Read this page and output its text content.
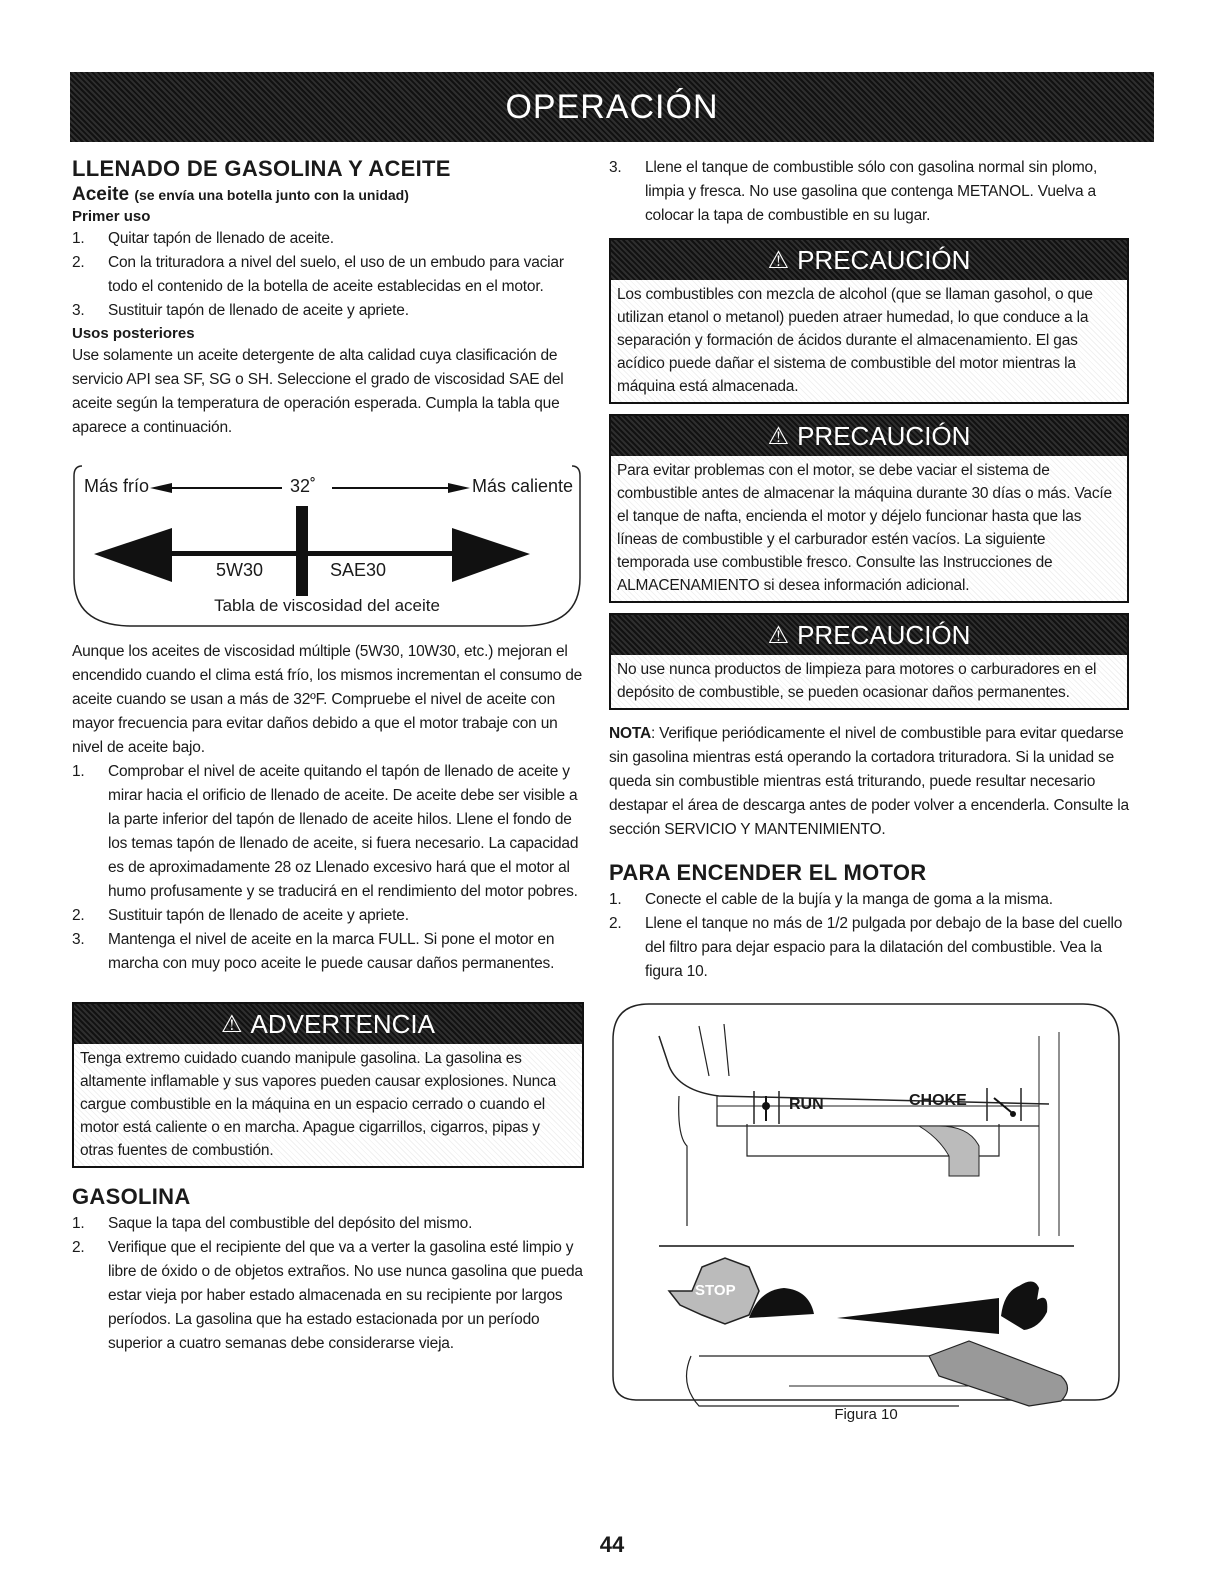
OPERACIÓN
LLENADO DE GASOLINA Y ACEITE
Aceite (se envía una botella junto con la unidad)
Primer uso
1. Quitar tapón de llenado de aceite.
2. Con la trituradora a nivel del suelo, el uso de un embudo para vaciar todo el contenido de la botella de aceite establecidas en el motor.
3. Sustituir tapón de llenado de aceite y apriete.
Usos posteriores

Use solamente un aceite detergente de alta calidad cuya clasificación de servicio API sea SF, SG o SH. Seleccione el grado de viscosidad SAE del aceite según la temperatura de operación esperada. Cumpla la tabla que aparece a continuación.

Más frío	32˚	Más caliente
5W30	SAE30
Tabla de viscosidad del aceite

Aunque los aceites de viscosidad múltiple (5W30, 10W30, etc.) mejoran el encendido cuando el clima está frío, los mismos incrementan el consumo de aceite cuando se usan a más de 32ºF. Compruebe el nivel de aceite con mayor frecuencia para evitar daños debido a que el motor trabaje con un nivel de aceite bajo.

1. Comprobar el nivel de aceite quitando el tapón de llenado de aceite y mirar hacia el orificio de llenado de aceite. De aceite debe ser visible a la parte inferior del tapón de llenado de aceite hilos. Llene el fondo de los temas tapón de llenado de aceite, si fuera necesario. La capacidad es de aproximadamente 28 oz Llenado excesivo hará que el motor al humo profusamente y se traducirá en el rendimiento del motor pobres.
2. Sustituir tapón de llenado de aceite y apriete.
3. Mantenga el nivel de aceite en la marca FULL. Si pone el motor en marcha con muy poco aceite le puede causar daños permanentes.
⚠ ADVERTENCIA
Tenga extremo cuidado cuando manipule gasolina. La gasolina es altamente inflamable y sus vapores pueden causar explosiones. Nunca cargue combustible en la máquina en un espacio cerrado o cuando el motor está caliente o en marcha. Apague cigarrillos, cigarros, pipas y otras fuentes de combustión.
GASOLINA
1. Saque la tapa del combustible del depósito del mismo.
2. Verifique que el recipiente del que va a verter la gasolina esté limpio y libre de óxido o de objetos extraños. No use nunca gasolina que pueda estar vieja por haber estado almacenada en su recipiente por largos períodos. La gasolina que ha estado estacionada por un período superior a cuatro semanas debe considerarse vieja.
3. Llene el tanque de combustible sólo con gasolina normal sin plomo, limpia y fresca. No use gasolina que contenga METANOL. Vuelva a colocar la tapa de combustible en su lugar.
⚠ PRECAUCIÓN
Los combustibles con mezcla de alcohol (que se llaman gasohol, o que utilizan etanol o metanol) pueden atraer humedad, lo que conduce a la separación y formación de ácidos durante el almacenamiento. El gas acídico puede dañar el sistema de combustible del motor mientras la máquina está almacenada.
⚠ PRECAUCIÓN
Para evitar problemas con el motor, se debe vaciar el sistema de combustible antes de almacenar la máquina durante 30 días o más. Vacíe el tanque de nafta, encienda el motor y déjelo funcionar hasta que las líneas de combustible y el carburador estén vacíos. La siguiente temporada use combustible fresco. Consulte las Instrucciones de ALMACENAMIENTO si desea información adicional.
⚠ PRECAUCIÓN
No use nunca productos de limpieza para motores o carburadores en el depósito de combustible, se pueden ocasionar daños permanentes.

NOTA: Verifique periódicamente el nivel de combustible para evitar quedarse sin gasolina mientras está operando la cortadora trituradora. Si la unidad se queda sin combustible mientras está triturando, puede resultar necesario destapar el área de descarga antes de poder volver a encenderla. Consulte la sección SERVICIO Y MANTENIMIENTO.

PARA ENCENDER EL MOTOR
1. Conecte el cable de la bujía y la manga de goma a la misma.
2. Llene el tanque no más de 1/2 pulgada por debajo de la base del cuello del filtro para dejar espacio para la dilatación del combustible. Vea la figura 10.
RUN	CHOKE
STOP
Figura 10
44
